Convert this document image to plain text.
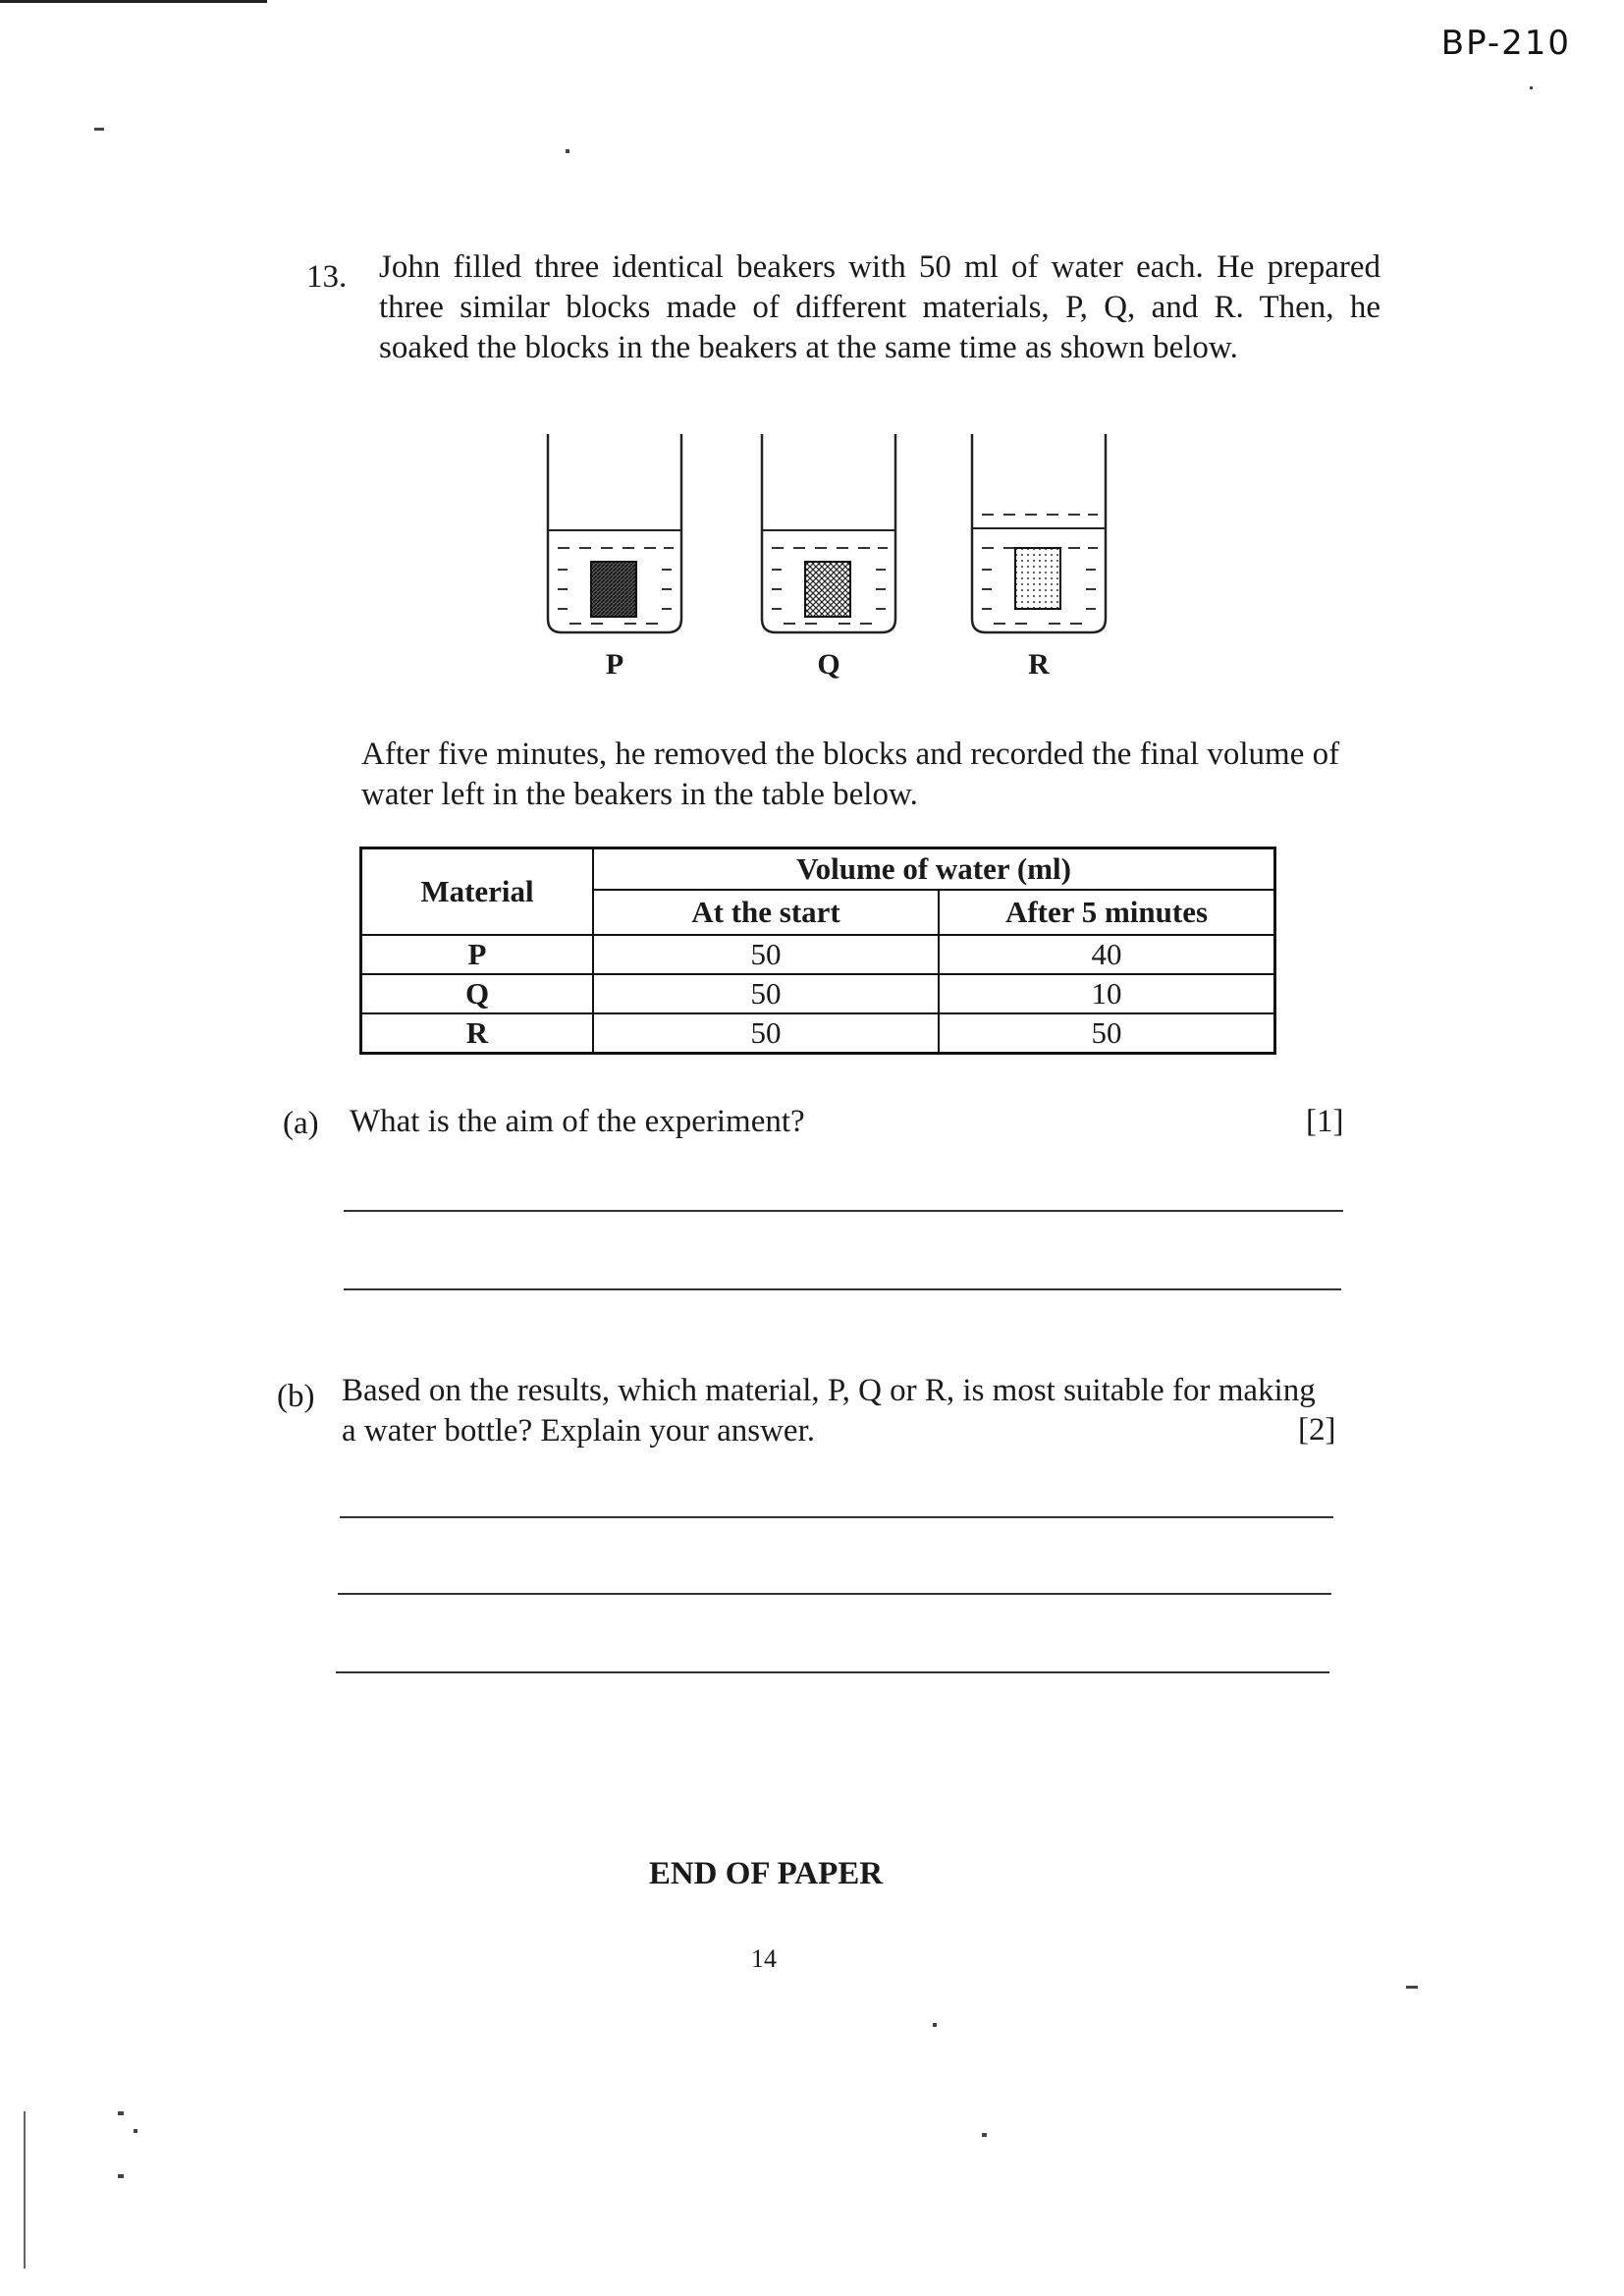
BP-210
13. John filled three identical beakers with 50 ml of water each. He prepared

three similar blocks made of different materials, P, Q, and R. Then, he

soaked the blocks in the beakers at the same time as shown below.

P	Q	R

After five minutes, he removed the blocks and recorded the final volume of

water left in the beakers in the table below.

Material	Volume of water (ml)	
	At the start	After 5 minutes
P	50	40
Q	50	10
R	50	50
(a) What is the aim of the experiment?	[1]
(b) Based on the results, which material, P, Q or R, is most suitable for making
a water bottle? Explain your answer.	[2]
END OF PAPER
14
